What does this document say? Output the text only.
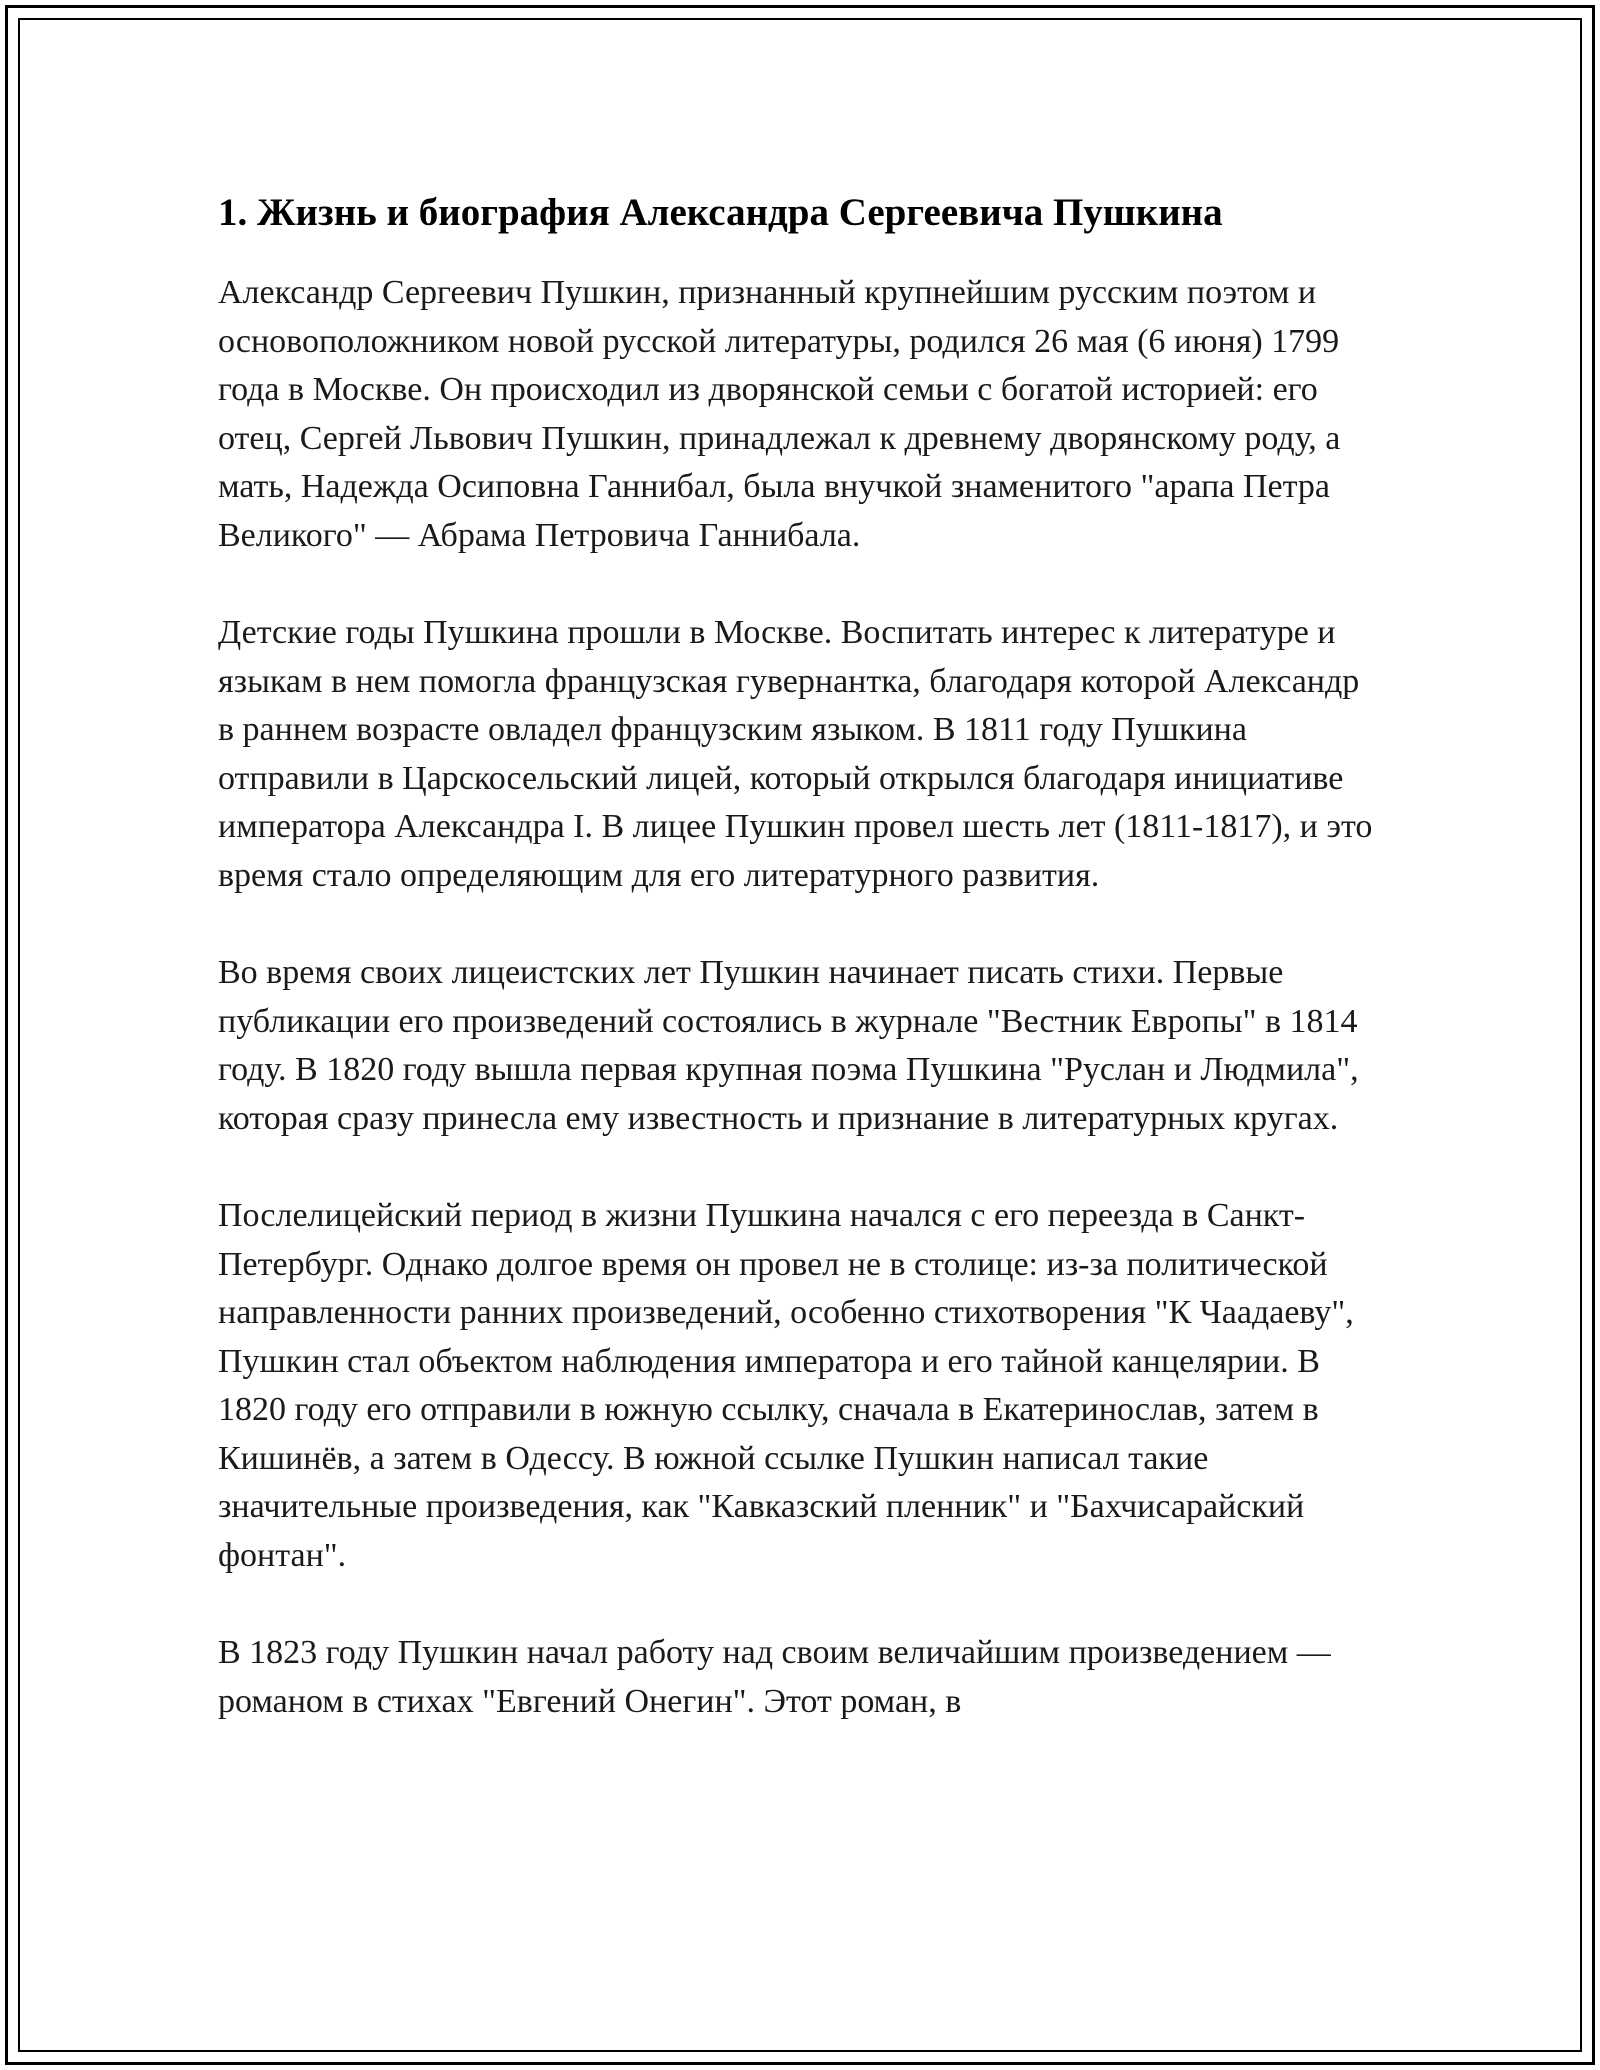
1. Жизнь и биография Александра Сергеевича Пушкина

Александр Сергеевич Пушкин, признанный крупнейшим русским поэтом и основоположником новой русской литературы, родился 26 мая (6 июня) 1799 года в Москве. Он происходил из дворянской семьи с богатой историей: его отец, Сергей Львович Пушкин, принадлежал к древнему дворянскому роду, а мать, Надежда Осиповна Ганнибал, была внучкой знаменитого "арапа Петра Великого" — Абрама Петровича Ганнибала.

Детские годы Пушкина прошли в Москве. Воспитать интерес к литературе и языкам в нем помогла французская гувернантка, благодаря которой Александр в раннем возрасте овладел французским языком. В 1811 году Пушкина отправили в Царскосельский лицей, который открылся благодаря инициативе императора Александра I. В лицее Пушкин провел шесть лет (1811-1817), и это время стало определяющим для его литературного развития.

Во время своих лицеистских лет Пушкин начинает писать стихи. Первые публикации его произведений состоялись в журнале "Вестник Европы" в 1814 году. В 1820 году вышла первая крупная поэма Пушкина "Руслан и Людмила", которая сразу принесла ему известность и признание в литературных кругах.

Послелицейский период в жизни Пушкина начался с его переезда в Санкт-Петербург. Однако долгое время он провел не в столице: из-за политической направленности ранних произведений, особенно стихотворения "К Чаадаеву", Пушкин стал объектом наблюдения императора и его тайной канцелярии. В 1820 году его отправили в южную ссылку, сначала в Екатеринослав, затем в Кишинёв, а затем в Одессу. В южной ссылке Пушкин написал такие значительные произведения, как "Кавказский пленник" и "Бахчисарайский фонтан".

В 1823 году Пушкин начал работу над своим величайшим произведением — романом в стихах "Евгений Онегин". Этот роман, в
